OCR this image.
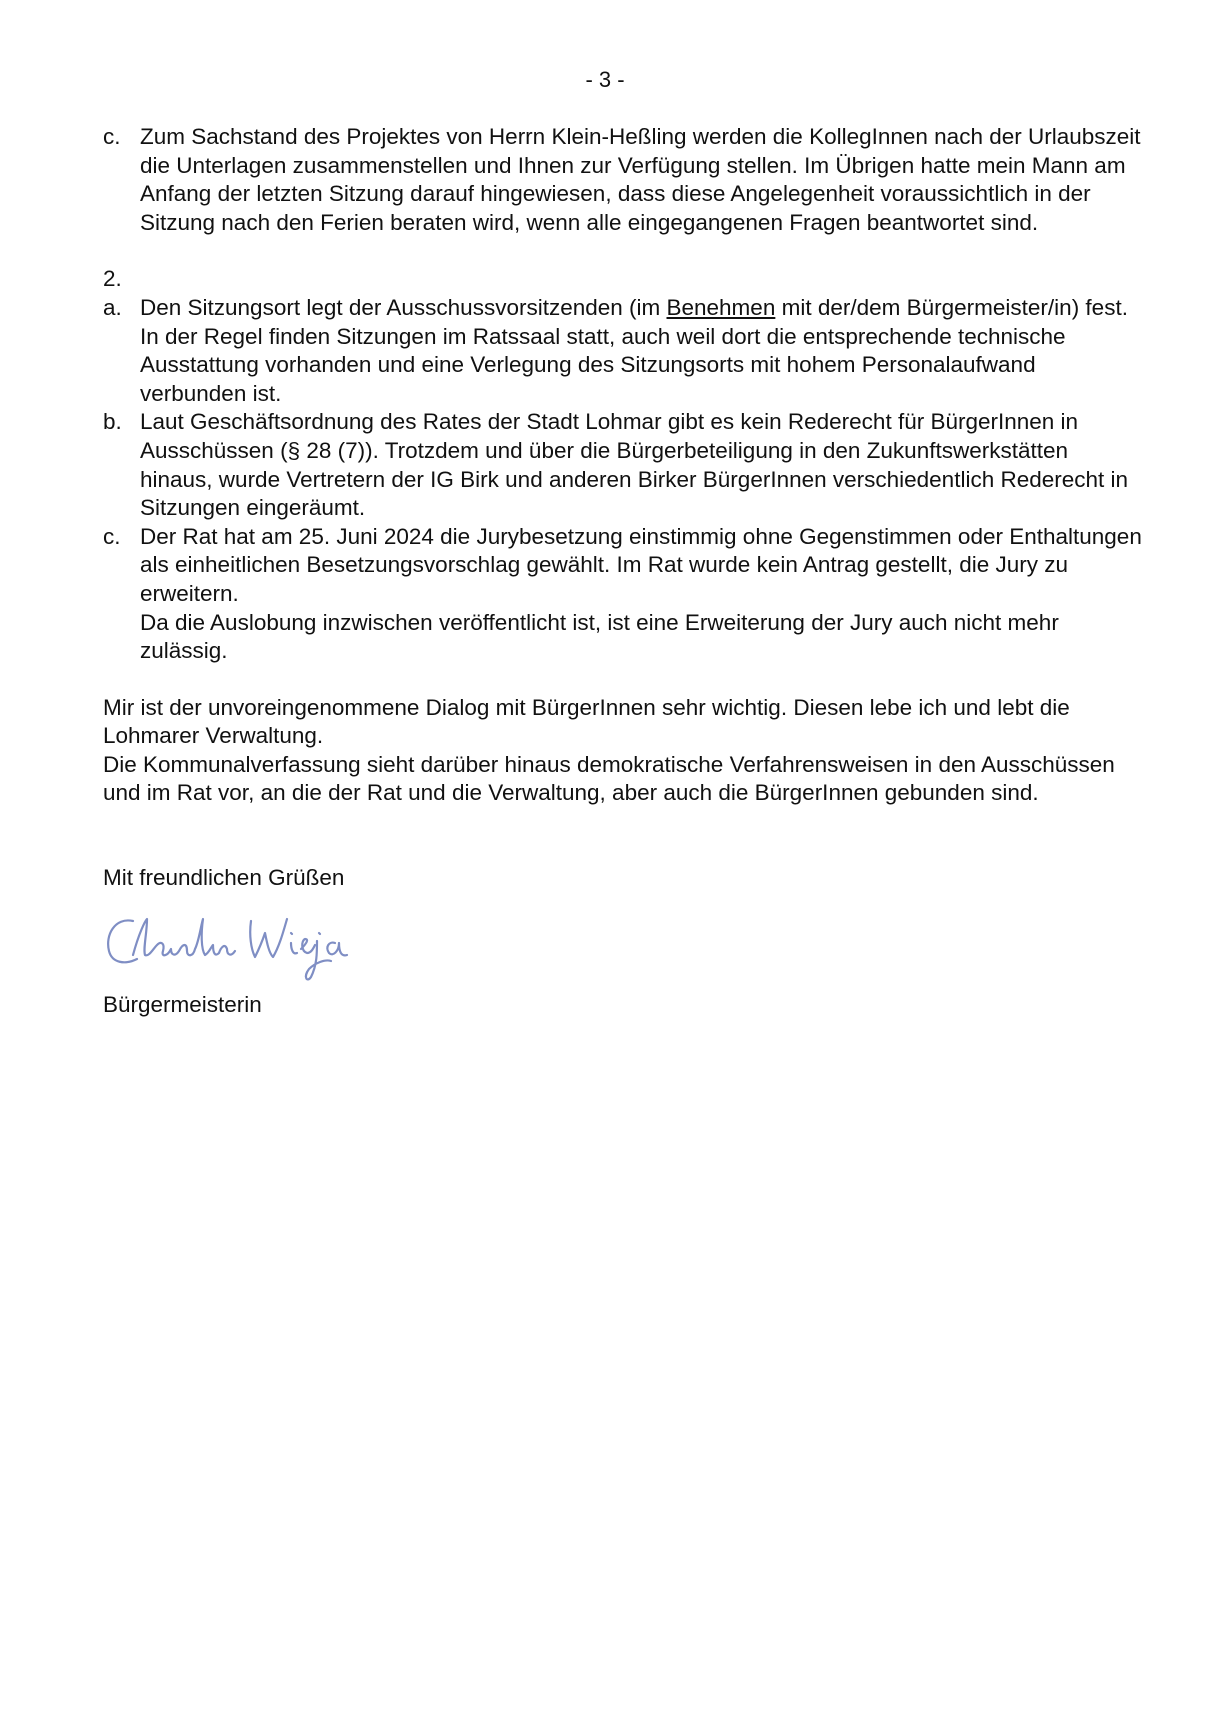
- 3 -
c. Zum Sachstand des Projektes von Herrn Klein-Heßling werden die KollegInnen nach der Urlaubszeit die Unterlagen zusammenstellen und Ihnen zur Verfügung stellen. Im Übrigen hatte mein Mann am Anfang der letzten Sitzung darauf hingewiesen, dass diese Angelegenheit voraussichtlich in der Sitzung nach den Ferien beraten wird, wenn alle eingegangenen Fragen beantwortet sind.

2.
a. Den Sitzungsort legt der Ausschussvorsitzenden (im Benehmen mit der/dem Bürgermeister/in) fest. In der Regel finden Sitzungen im Ratssaal statt, auch weil dort die entsprechende technische Ausstattung vorhanden und eine Verlegung des Sitzungsorts mit hohem Personalaufwand verbunden ist.

b. Laut Geschäftsordnung des Rates der Stadt Lohmar gibt es kein Rederecht für BürgerInnen in Ausschüssen (§ 28 (7)). Trotzdem und über die Bürgerbeteiligung in den Zukunftswerkstätten hinaus, wurde Vertretern der IG Birk und anderen Birker BürgerInnen verschiedentlich Rederecht in Sitzungen eingeräumt.

c. Der Rat hat am 25. Juni 2024 die Jurybesetzung einstimmig ohne Gegenstimmen oder Enthaltungen als einheitlichen Besetzungsvorschlag gewählt. Im Rat wurde kein Antrag gestellt, die Jury zu erweitern.

Da die Auslobung inzwischen veröffentlicht ist, ist eine Erweiterung der Jury auch nicht mehr zulässig.

Mir ist der unvoreingenommene Dialog mit BürgerInnen sehr wichtig. Diesen lebe ich und lebt die Lohmarer Verwaltung.

Die Kommunalverfassung sieht darüber hinaus demokratische Verfahrensweisen in den Ausschüssen und im Rat vor, an die der Rat und die Verwaltung, aber auch die BürgerInnen gebunden sind.

Mit freundlichen Grüßen
Bürgermeisterin
